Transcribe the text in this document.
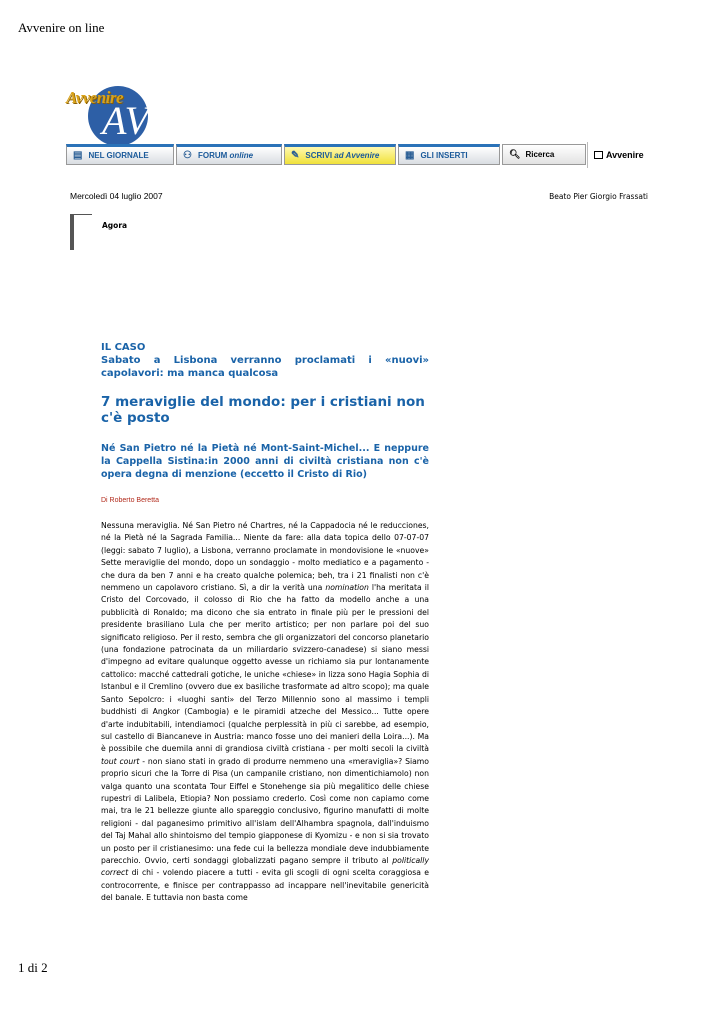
Avvenire on line
AV
Avvenire
▤ NEL GIORNALE	⚇ FORUM online	✎ SCRIVI ad Avvenire	▦ GLI INSERTI	🔍︎ Ricerca	Avvenire
Mercoledì 04 luglio 2007	Beato Pier Giorgio Frassati
Agora
IL CASO
Sabato a Lisbona verranno proclamati i «nuovi» capolavori: ma manca qualcosa
7 meraviglie del mondo: per i cristiani non c'è posto
Né San Pietro né la Pietà né Mont-Saint-Michel... E neppure la Cappella Sistina:in 2000 anni di civiltà cristiana non c'è opera degna di menzione (eccetto il Cristo di Rio)
Di Roberto Beretta

Nessuna meraviglia. Né San Pietro né Chartres, né la Cappadocia né le reducciones, né la Pietà né la Sagrada Familia... Niente da fare: alla data topica dello 07-07-07 (leggi: sabato 7 luglio), a Lisbona, verranno proclamate in mondovisione le «nuove» Sette meraviglie del mondo, dopo un sondaggio - molto mediatico e a pagamento - che dura da ben 7 anni e ha creato qualche polemica; beh, tra i 21 finalisti non c'è nemmeno un capolavoro cristiano. Sì, a dir la verità una nomination l'ha meritata il Cristo del Corcovado, il colosso di Rio che ha fatto da modello anche a una pubblicità di Ronaldo; ma dicono che sia entrato in finale più per le pressioni del presidente brasiliano Lula che per merito artistico; per non parlare poi del suo significato religioso. Per il resto, sembra che gli organizzatori del concorso planetario (una fondazione patrocinata da un miliardario svizzero-canadese) si siano messi d'impegno ad evitare qualunque oggetto avesse un richiamo sia pur lontanamente cattolico: macché cattedrali gotiche, le uniche «chiese» in lizza sono Hagia Sophia di Istanbul e il Cremlino (ovvero due ex basiliche trasformate ad altro scopo); ma quale Santo Sepolcro: i «luoghi santi» del Terzo Millennio sono al massimo i templi buddhisti di Angkor (Cambogia) e le piramidi atzeche del Messico... Tutte opere d'arte indubitabili, intendiamoci (qualche perplessità in più ci sarebbe, ad esempio, sul castello di Biancaneve in Austria: manco fosse uno dei manieri della Loira...). Ma è possibile che duemila anni di grandiosa civiltà cristiana - per molti secoli la civiltà tout court - non siano stati in grado di produrre nemmeno una «meraviglia»? Siamo proprio sicuri che la Torre di Pisa (un campanile cristiano, non dimentichiamolo) non valga quanto una scontata Tour Eiffel e Stonehenge sia più megalitico delle chiese rupestri di Lalibela, Etiopia? Non possiamo crederlo. Così come non capiamo come mai, tra le 21 bellezze giunte allo spareggio conclusivo, figurino manufatti di molte religioni - dal paganesimo primitivo all'islam dell'Alhambra spagnola, dall'induismo del Taj Mahal allo shintoismo del tempio giapponese di Kyomizu - e non si sia trovato un posto per il cristianesimo: una fede cui la bellezza mondiale deve indubbiamente parecchio. Ovvio, certi sondaggi globalizzati pagano sempre il tributo al politically correct di chi - volendo piacere a tutti - evita gli scogli di ogni scelta coraggiosa e controcorrente, e finisce per contrappasso ad incappare nell'inevitabile genericità del banale. E tuttavia non basta come

1 di 2
